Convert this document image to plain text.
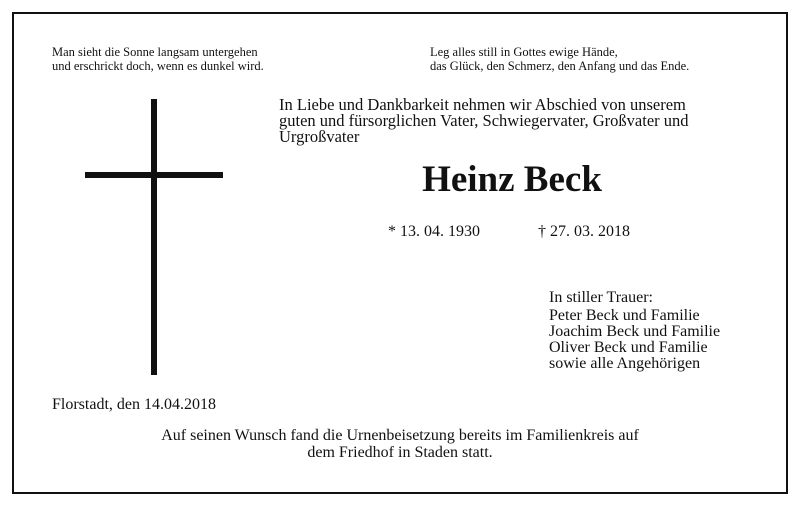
Man sieht die Sonne langsam untergehen
und erschrickt doch, wenn es dunkel wird.
Leg alles still in Gottes ewige Hände,
das Glück, den Schmerz, den Anfang und das Ende.
In Liebe und Dankbarkeit nehmen wir Abschied von unserem
guten und fürsorglichen Vater, Schwiegervater, Großvater und
Urgroßvater
Heinz Beck
* 13. 04. 1930	† 27. 03. 2018
In stiller Trauer:
Peter Beck und Familie
Joachim Beck und Familie
Oliver Beck und Familie
sowie alle Angehörigen
Florstadt, den 14.04.2018
Auf seinen Wunsch fand die Urnenbeisetzung bereits im Familienkreis auf
dem Friedhof in Staden statt.
